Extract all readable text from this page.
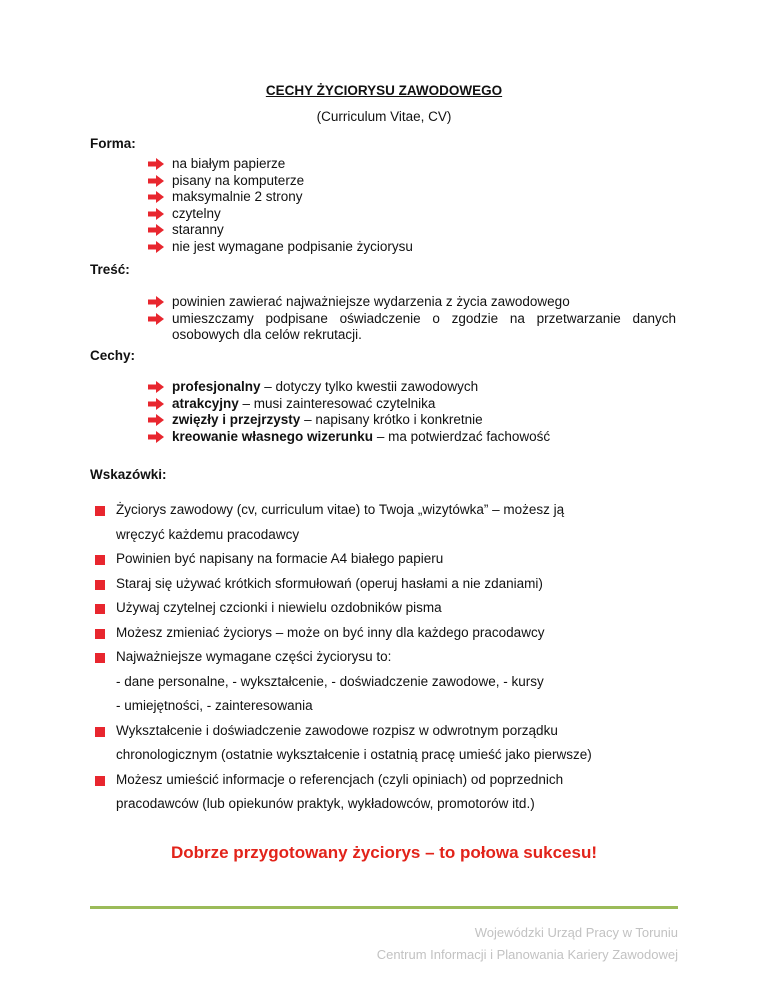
CECHY ŻYCIORYSU ZAWODOWEGO
(Curriculum Vitae, CV)
Forma:
na białym papierze
pisany na komputerze
maksymalnie 2 strony
czytelny
staranny
nie jest wymagane podpisanie życiorysu
Treść:
powinien zawierać najważniejsze wydarzenia z życia zawodowego
umieszczamy podpisane oświadczenie o zgodzie na przetwarzanie danych osobowych dla celów rekrutacji.
Cechy:
profesjonalny – dotyczy tylko kwestii zawodowych
atrakcyjny – musi zainteresować czytelnika
zwięzły i przejrzysty – napisany krótko i konkretnie
kreowanie własnego wizerunku – ma potwierdzać fachowość
Wskazówki:
Życiorys zawodowy (cv, curriculum vitae) to Twoja „wizytówka” – możesz ją
wręczyć każdemu pracodawcy
Powinien być napisany na formacie A4 białego papieru
Staraj się używać krótkich sformułowań (operuj hasłami a nie zdaniami)
Używaj czytelnej czcionki i niewielu ozdobników pisma
Możesz zmieniać życiorys – może on być inny dla każdego pracodawcy
Najważniejsze wymagane części życiorysu to:
- dane personalne, - wykształcenie, - doświadczenie zawodowe, - kursy
- umiejętności, - zainteresowania
Wykształcenie i doświadczenie zawodowe rozpisz w odwrotnym porządku
chronologicznym (ostatnie wykształcenie i ostatnią pracę umieść jako pierwsze)
Możesz umieścić informacje o referencjach (czyli opiniach) od poprzednich
pracodawców (lub opiekunów praktyk, wykładowców, promotorów itd.)
Dobrze przygotowany życiorys – to połowa sukcesu!
Wojewódzki Urząd Pracy w Toruniu
Centrum Informacji i Planowania Kariery Zawodowej
